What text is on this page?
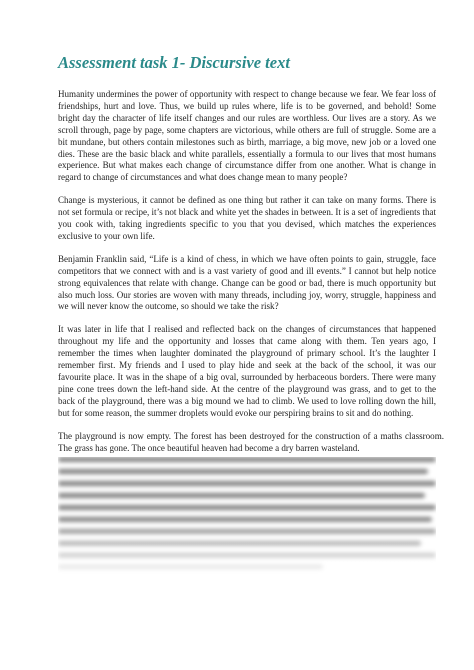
Assessment task 1- Discursive text

Humanity undermines the power of opportunity with respect to change because we fear. We fear loss of friendships, hurt and love. Thus, we build up rules where, life is to be governed, and behold! Some bright day the character of life itself changes and our rules are worthless. Our lives are a story. As we scroll through, page by page, some chapters are victorious, while others are full of struggle. Some are a bit mundane, but others contain milestones such as birth, marriage, a big move, new job or a loved one dies. These are the basic black and white parallels, essentially a formula to our lives that most humans experience. But what makes each change of circumstance differ from one another. What is change in regard to change of circumstances and what does change mean to many people?

Change is mysterious, it cannot be defined as one thing but rather it can take on many forms. There is not set formula or recipe, it’s not black and white yet the shades in between. It is a set of ingredients that you cook with, taking ingredients specific to you that you devised, which matches the experiences exclusive to your own life.

Benjamin Franklin said, “Life is a kind of chess, in which we have often points to gain, struggle, face competitors that we connect with and is a vast variety of good and ill events.” I cannot but help notice strong equivalences that relate with change. Change can be good or bad, there is much opportunity but also much loss. Our stories are woven with many threads, including joy, worry, struggle, happiness and we will never know the outcome, so should we take the risk?

It was later in life that I realised and reflected back on the changes of circumstances that happened throughout my life and the opportunity and losses that came along with them. Ten years ago, I remember the times when laughter dominated the playground of primary school. It’s the laughter I remember first. My friends and I used to play hide and seek at the back of the school, it was our favourite place. It was in the shape of a big oval, surrounded by herbaceous borders. There were many pine cone trees down the left-hand side. At the centre of the playground was grass, and to get to the back of the playground, there was a big mound we had to climb. We used to love rolling down the hill, but for some reason, the summer droplets would evoke our perspiring brains to sit and do nothing.

The playground is now empty. The forest has been destroyed for the construction of a maths classroom. The grass has gone. The once beautiful heaven had become a dry barren wasteland.
